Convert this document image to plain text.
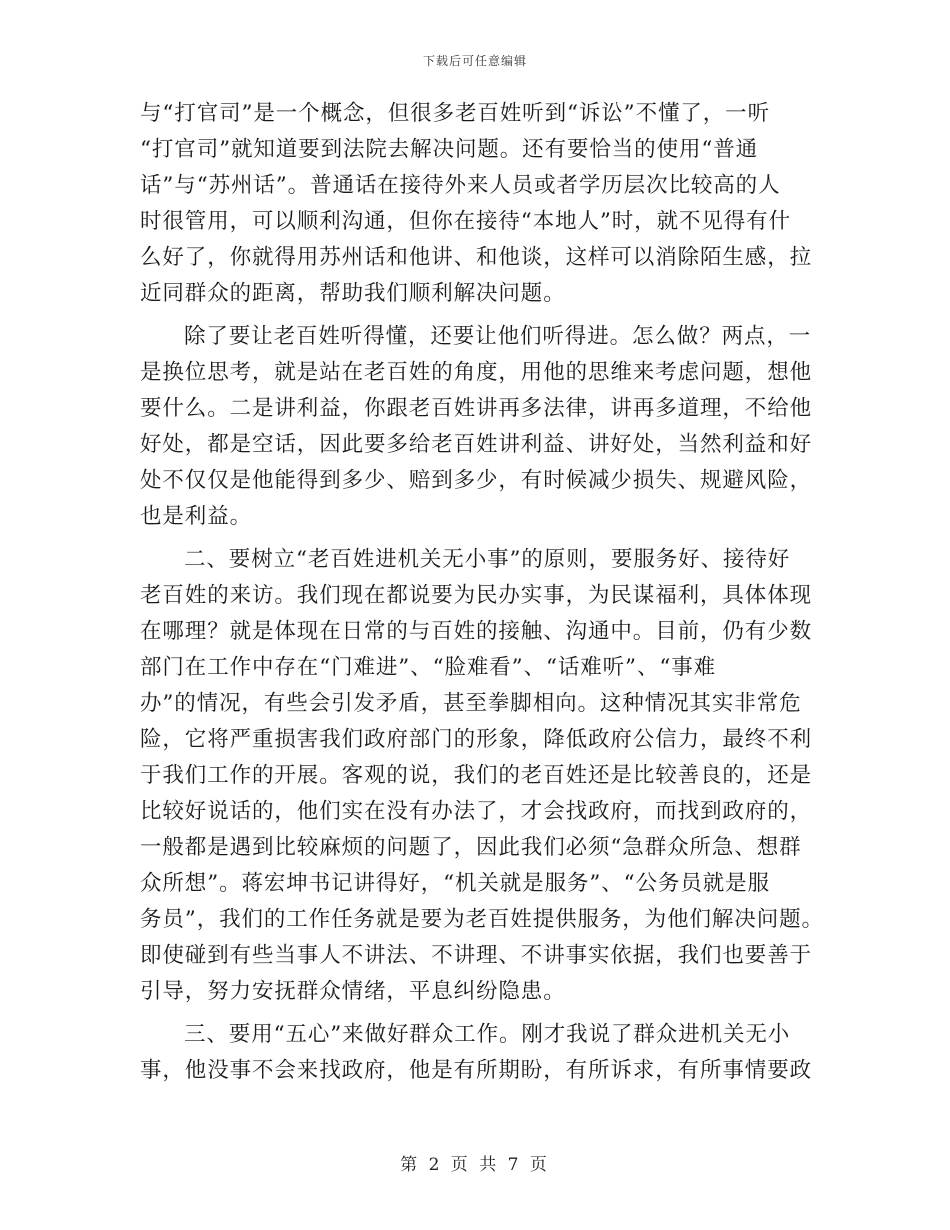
下载后可任意编辑
与“打官司”是一个概念，但很多老百姓听到“诉讼”不懂了，一听
“打官司”就知道要到法院去解决问题。还有要恰当的使用“普通
话”与“苏州话”。普通话在接待外来人员或者学历层次比较高的人
时很管用，可以顺利沟通，但你在接待“本地人”时，就不见得有什
么好了，你就得用苏州话和他讲、和他谈，这样可以消除陌生感，拉
近同群众的距离，帮助我们顺利解决问题。
除了要让老百姓听得懂，还要让他们听得进。怎么做？两点，一
是换位思考，就是站在老百姓的角度，用他的思维来考虑问题，想他
要什么。二是讲利益，你跟老百姓讲再多法律，讲再多道理，不给他
好处，都是空话，因此要多给老百姓讲利益、讲好处，当然利益和好
处不仅仅是他能得到多少、赔到多少，有时候减少损失、规避风险，
也是利益。
二、要树立“老百姓进机关无小事”的原则，要服务好、接待好
老百姓的来访。我们现在都说要为民办实事，为民谋福利，具体体现
在哪理？就是体现在日常的与百姓的接触、沟通中。目前，仍有少数
部门在工作中存在“门难进”、“脸难看”、“话难听”、“事难
办”的情况，有些会引发矛盾，甚至拳脚相向。这种情况其实非常危
险，它将严重损害我们政府部门的形象，降低政府公信力，最终不利
于我们工作的开展。客观的说，我们的老百姓还是比较善良的，还是
比较好说话的，他们实在没有办法了，才会找政府，而找到政府的，
一般都是遇到比较麻烦的问题了，因此我们必须“急群众所急、想群
众所想”。蒋宏坤书记讲得好，“机关就是服务”、“公务员就是服
务员”，我们的工作任务就是要为老百姓提供服务，为他们解决问题。
即使碰到有些当事人不讲法、不讲理、不讲事实依据，我们也要善于
引导，努力安抚群众情绪，平息纠纷隐患。
三、要用“五心”来做好群众工作。刚才我说了群众进机关无小
事，他没事不会来找政府，他是有所期盼，有所诉求，有所事情要政
第 2 页 共 7 页
